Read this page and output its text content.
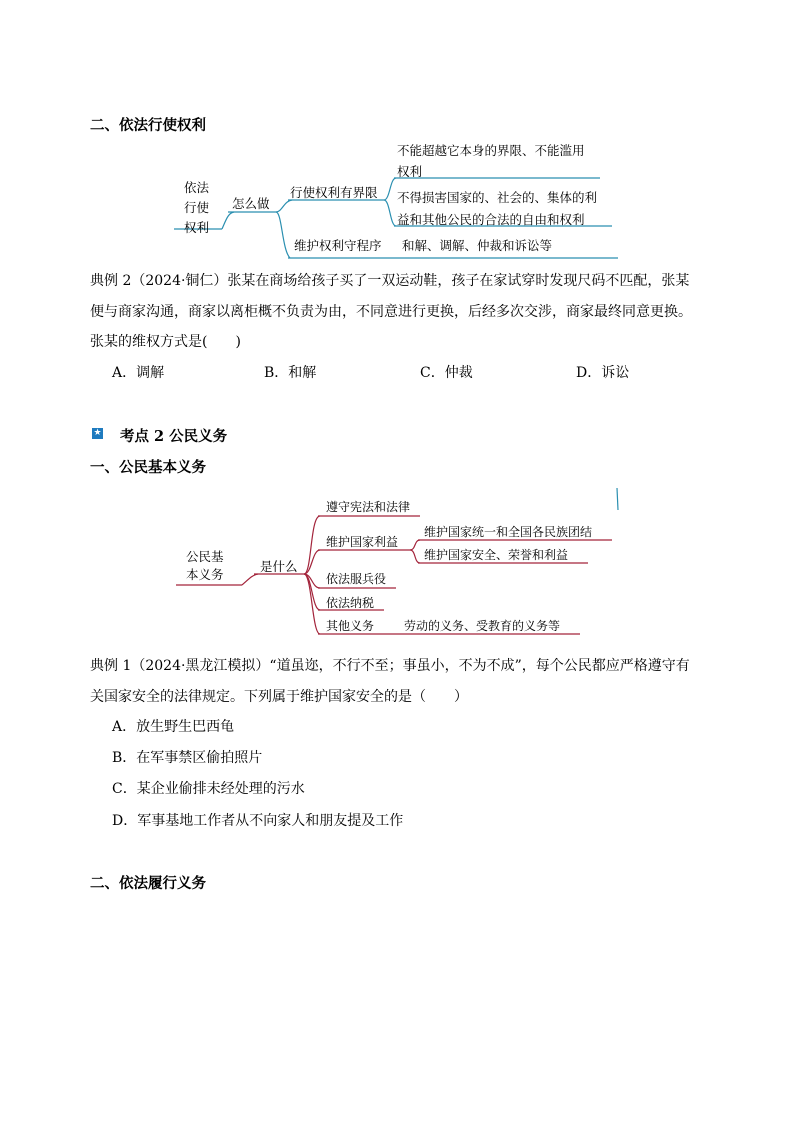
二、依法行使权利
依法
行使
权利
怎么做
行使权利有界限
不能超越它本身的界限、不能滥用
权利
不得损害国家的、社会的、集体的利
益和其他公民的合法的自由和权利
维护权利守程序 和解、调解、仲裁和诉讼等
典例 2（2024·铜仁）张某在商场给孩子买了一双运动鞋，孩子在家试穿时发现尺码不匹配，张某
便与商家沟通，商家以离柜概不负责为由，不同意进行更换，后经多次交涉，商家最终同意更换。
张某的维权方式是(　　)
A．调解	B．和解	C．仲裁	D．诉讼
★ 考点 2 公民义务
一、公民基本义务
公民基
本义务
是什么
遵守宪法和法律
维护国家利益
依法服兵役
依法纳税
其他义务
维护国家统一和全国各民族团结
维护国家安全、荣誉和利益
劳动的义务、受教育的义务等
典例 1（2024·黑龙江模拟）“道虽迩，不行不至；事虽小，不为不成”，每个公民都应严格遵守有
关国家安全的法律规定。下列属于维护国家安全的是（　　）
A．放生野生巴西龟
B．在军事禁区偷拍照片
C．某企业偷排未经处理的污水
D．军事基地工作者从不向家人和朋友提及工作
二、依法履行义务
